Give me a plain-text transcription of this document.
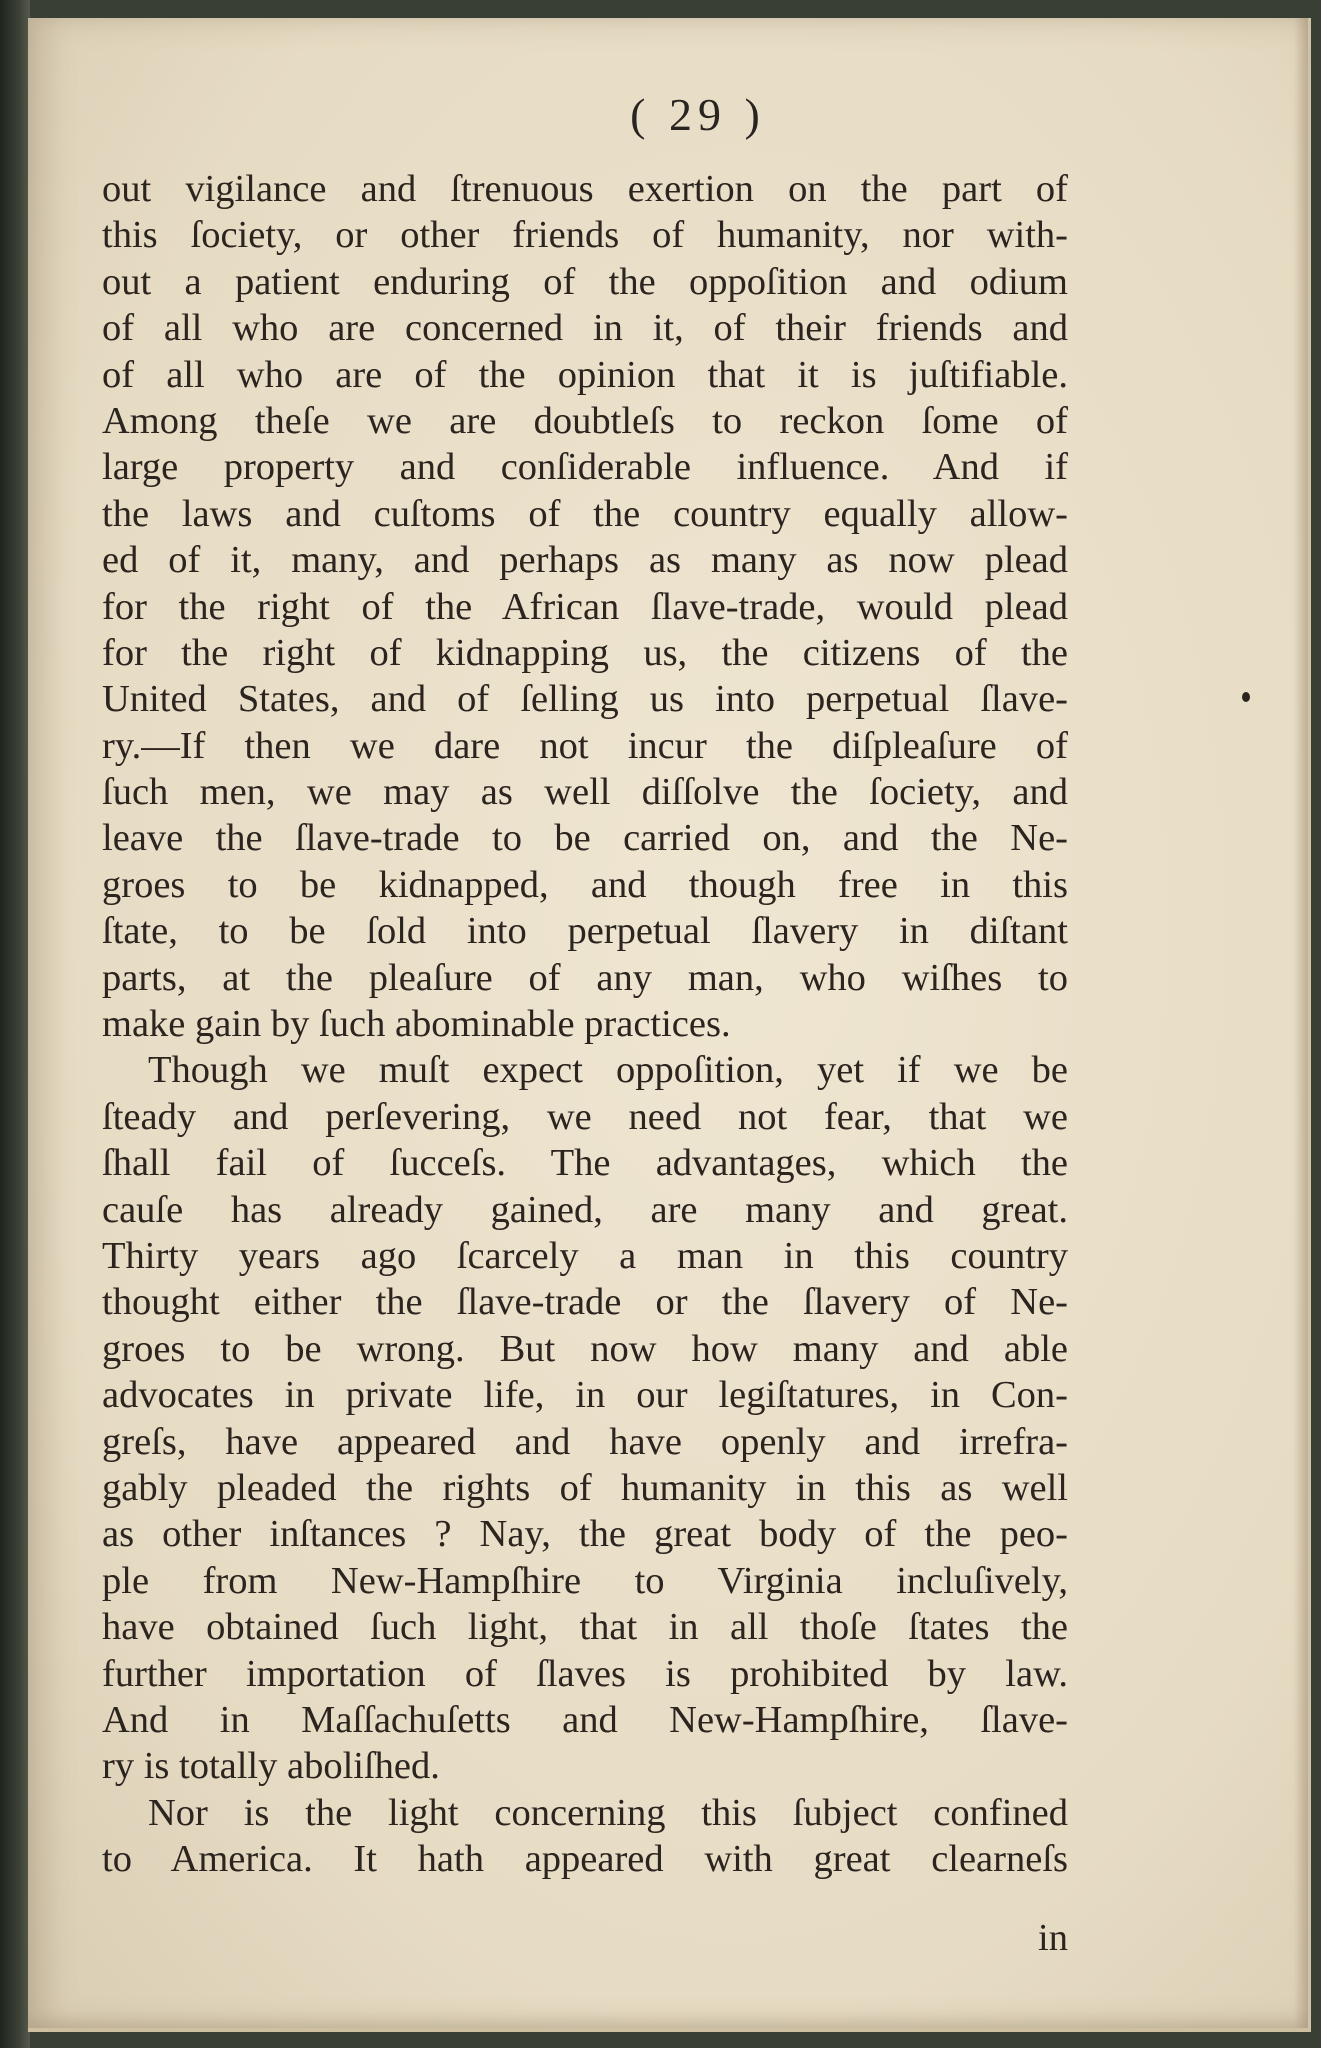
( 29 )
out vigilance and ſtrenuous exertion on the part of
this ſociety, or other friends of humanity, nor with-
out a patient enduring of the oppoſition and odium
of all who are concerned in it, of their friends and
of all who are of the opinion that it is juſtifiable.
Among theſe we are doubtleſs to reckon ſome of
large property and conſiderable influence. And if
the laws and cuſtoms of the country equally allow-
ed of it, many, and perhaps as many as now plead
for the right of the African ſlave-trade, would plead
for the right of kidnapping us, the citizens of the
United States, and of ſelling us into perpetual ſlave-
ry.—If then we dare not incur the diſpleaſure of
ſuch men, we may as well diſſolve the ſociety, and
leave the ſlave-trade to be carried on, and the Ne-
groes to be kidnapped, and though free in this
ſtate, to be ſold into perpetual ſlavery in diſtant
parts, at the pleaſure of any man, who wiſhes to
make gain by ſuch abominable practices.
Though we muſt expect oppoſition, yet if we be
ſteady and perſevering, we need not fear, that we
ſhall fail of ſucceſs. The advantages, which the
cauſe has already gained, are many and great.
Thirty years ago ſcarcely a man in this country
thought either the ſlave-trade or the ſlavery of Ne-
groes to be wrong. But now how many and able
advocates in private life, in our legiſtatures, in Con-
greſs, have appeared and have openly and irrefra-
gably pleaded the rights of humanity in this as well
as other inſtances ? Nay, the great body of the peo-
ple from New-Hampſhire to Virginia incluſively,
have obtained ſuch light, that in all thoſe ſtates the
further importation of ſlaves is prohibited by law.
And in Maſſachuſetts and New-Hampſhire, ſlave-
ry is totally aboliſhed.
Nor is the light concerning this ſubject confined
to America. It hath appeared with great clearneſs
in
